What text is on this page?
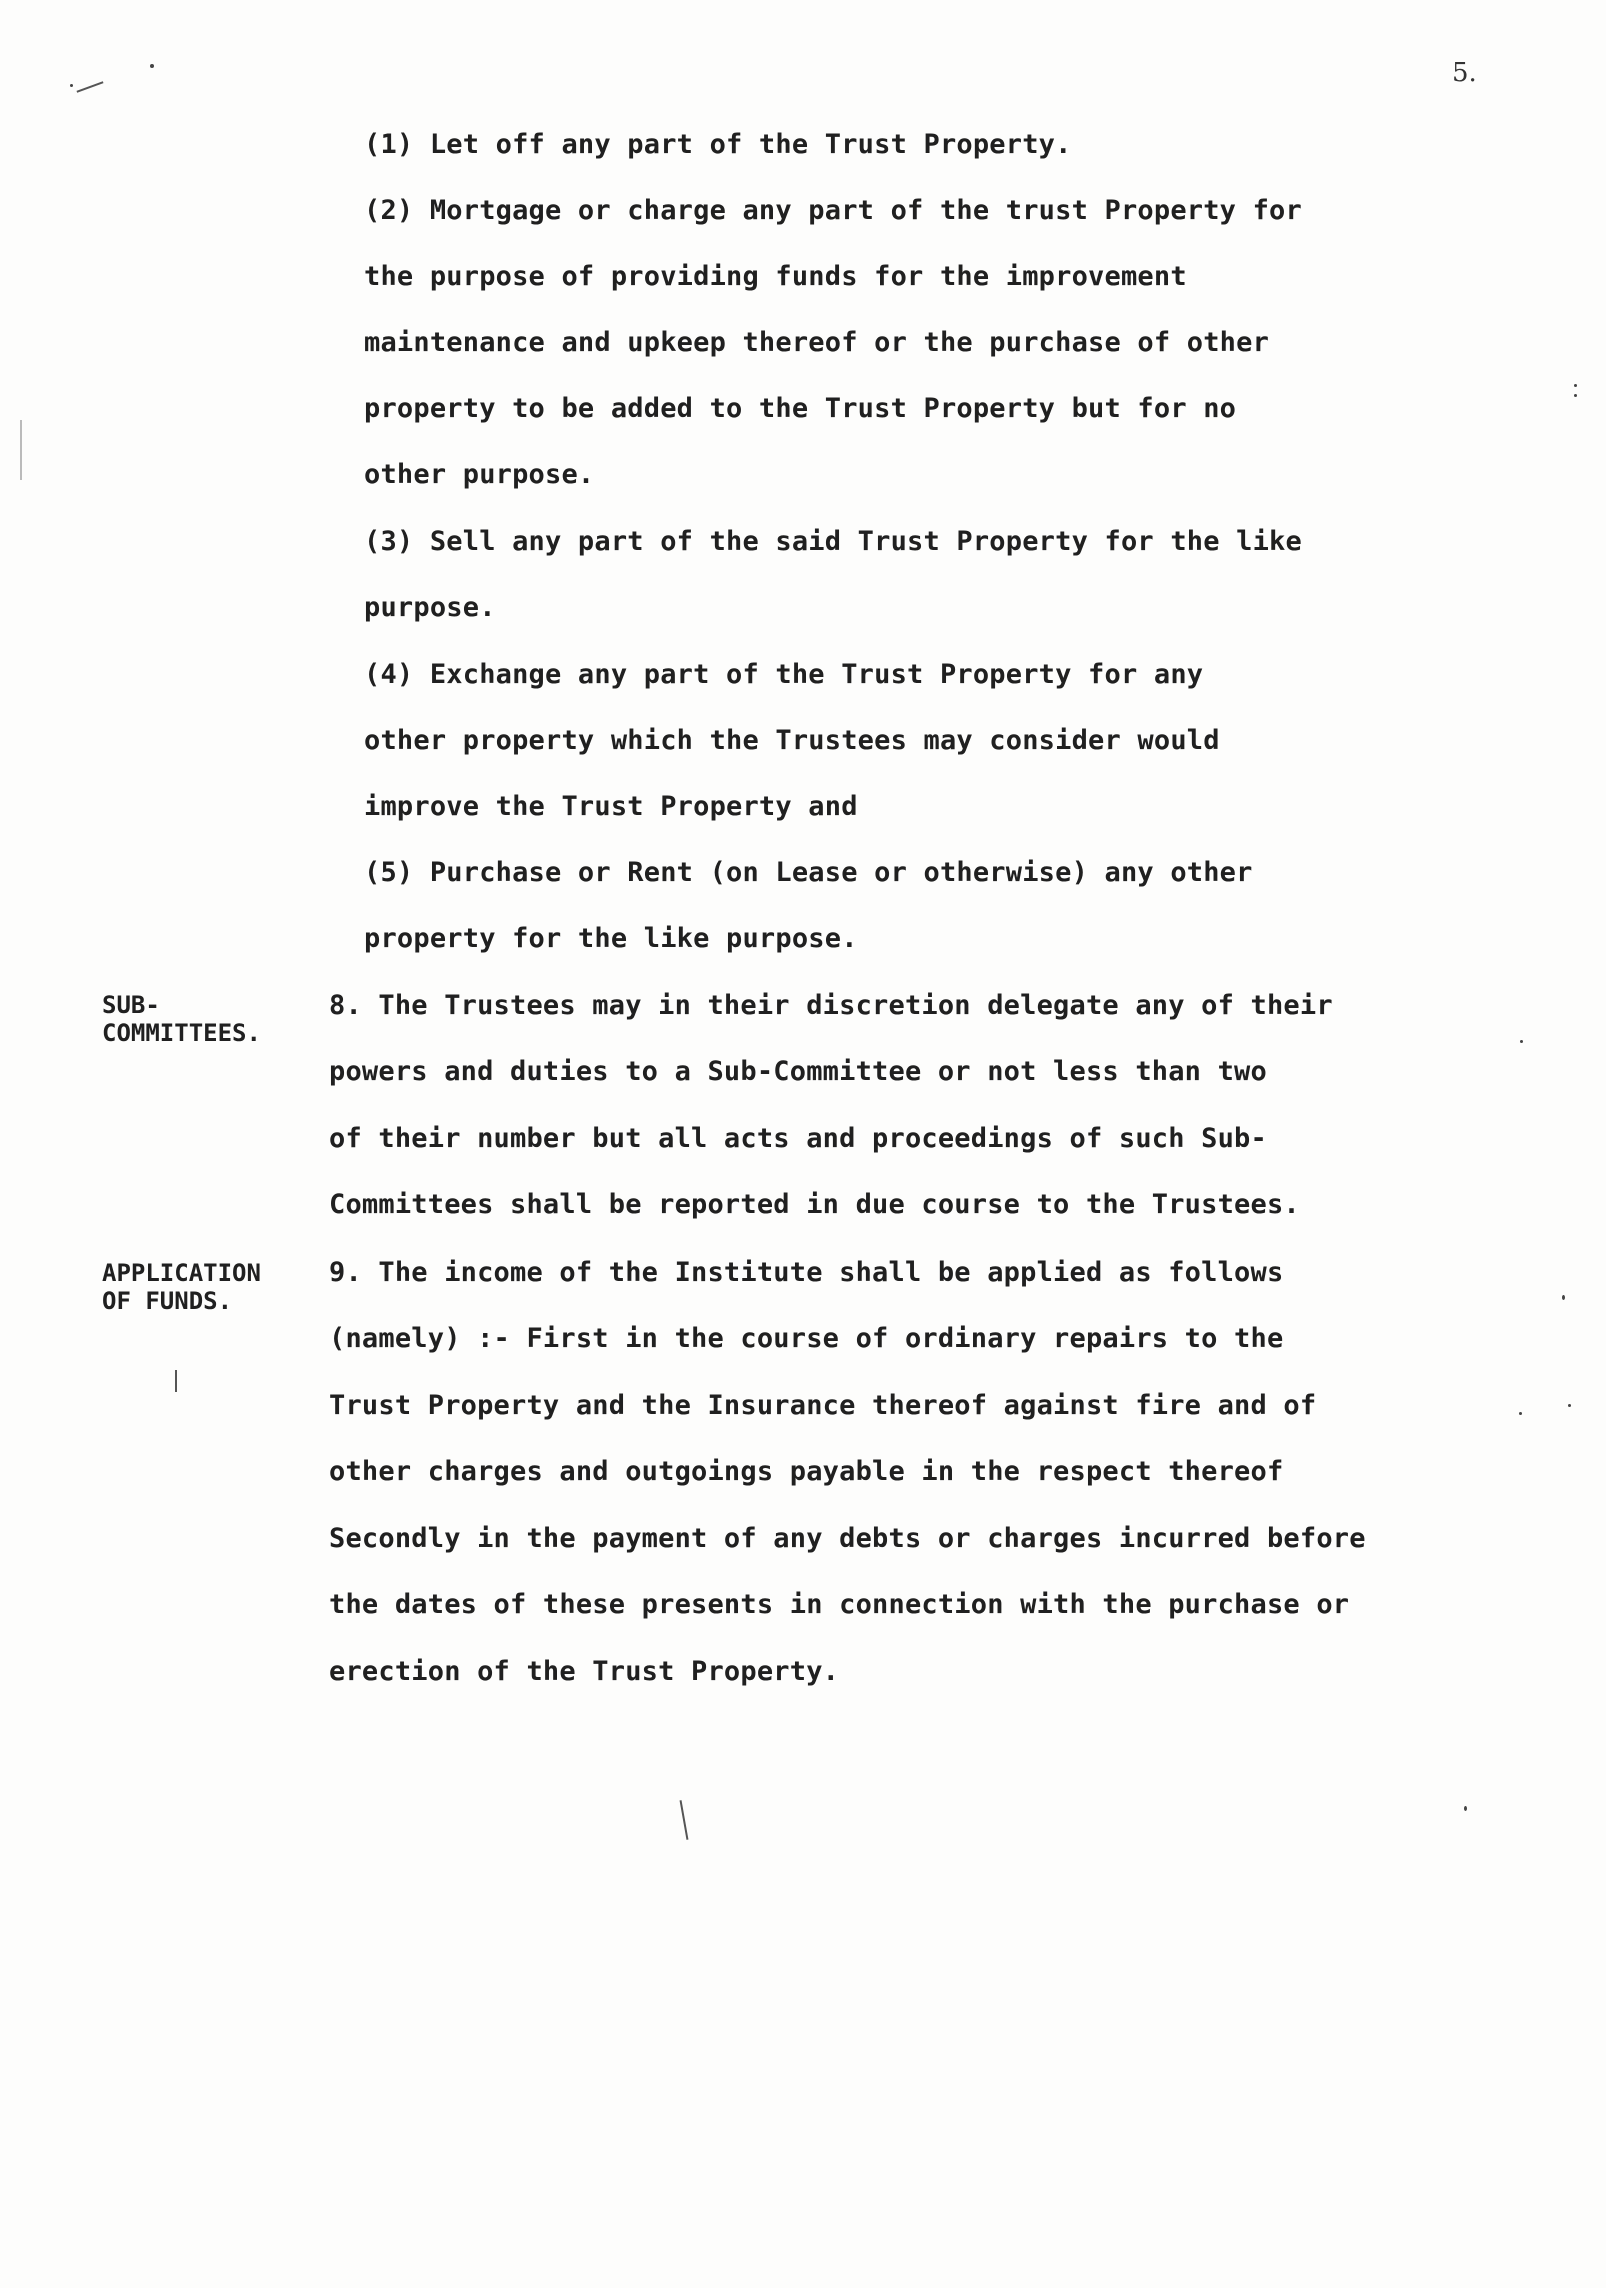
5.
(1) Let off any part of the Trust Property.
(2) Mortgage or charge any part of the trust Property for
the purpose of providing funds for the improvement
maintenance and upkeep thereof or the purchase of other
property to be added to the Trust Property but for no
other purpose.
(3) Sell any part of the said Trust Property for the like
purpose.
(4) Exchange any part of the Trust Property for any
other property which the Trustees may consider would
improve the Trust Property and
(5) Purchase or Rent (on Lease or otherwise) any other
property for the like purpose.
SUB-
COMMITTEES.
8. The Trustees may in their discretion delegate any of their
powers and duties to a Sub-Committee or not less than two
of their number but all acts and proceedings of such Sub-
Committees shall be reported in due course to the Trustees.
APPLICATION
OF FUNDS.
9. The income of the Institute shall be applied as follows
(namely) :- First in the course of ordinary repairs to the
Trust Property and the Insurance thereof against fire and of
other charges and outgoings payable in the respect thereof
Secondly in the payment of any debts or charges incurred before
the dates of these presents in connection with the purchase or
erection of the Trust Property.
